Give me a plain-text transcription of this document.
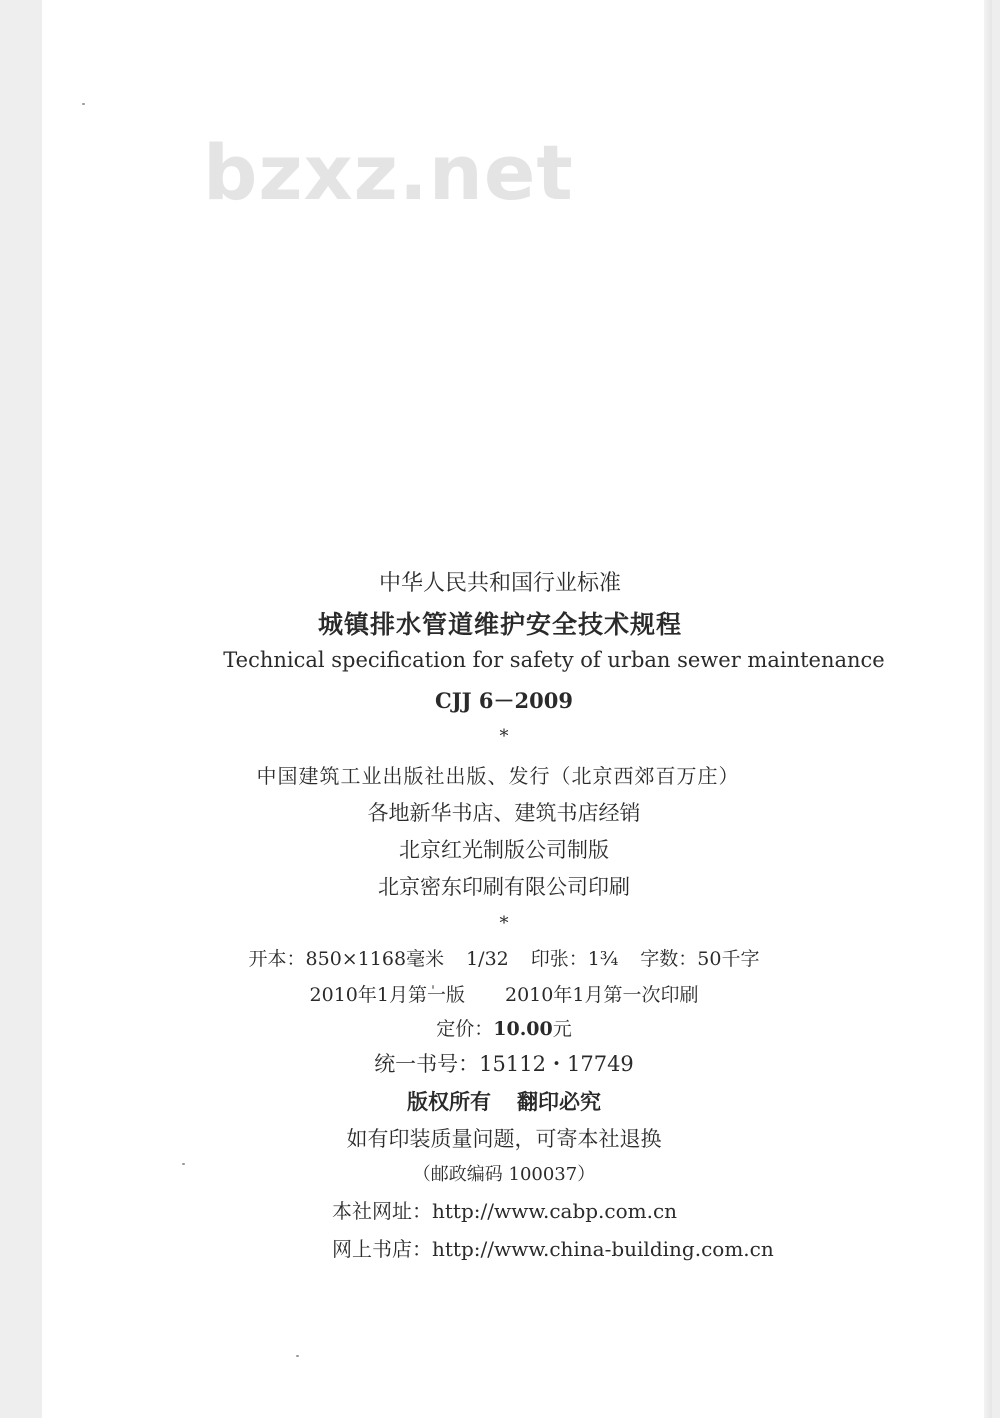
bzxz.net
中华人民共和国行业标准
城镇排水管道维护安全技术规程
Technical specification for safety of urban sewer maintenance
CJJ 6－2009
*
中国建筑工业出版社出版、发行（北京西郊百万庄）
各地新华书店、建筑书店经销
北京红光制版公司制版
北京密东印刷有限公司印刷
*
开本：850×1168毫米 1/32 印张：1¾ 字数：50千字
2010年1月第一版 2010年1月第一次印刷
定价：10.00元
统一书号：15112・17749
版权所有 翻印必究
如有印装质量问题，可寄本社退换
（邮政编码 100037）
本社网址：http://www.cabp.com.cn
网上书店：http://www.china-building.com.cn
